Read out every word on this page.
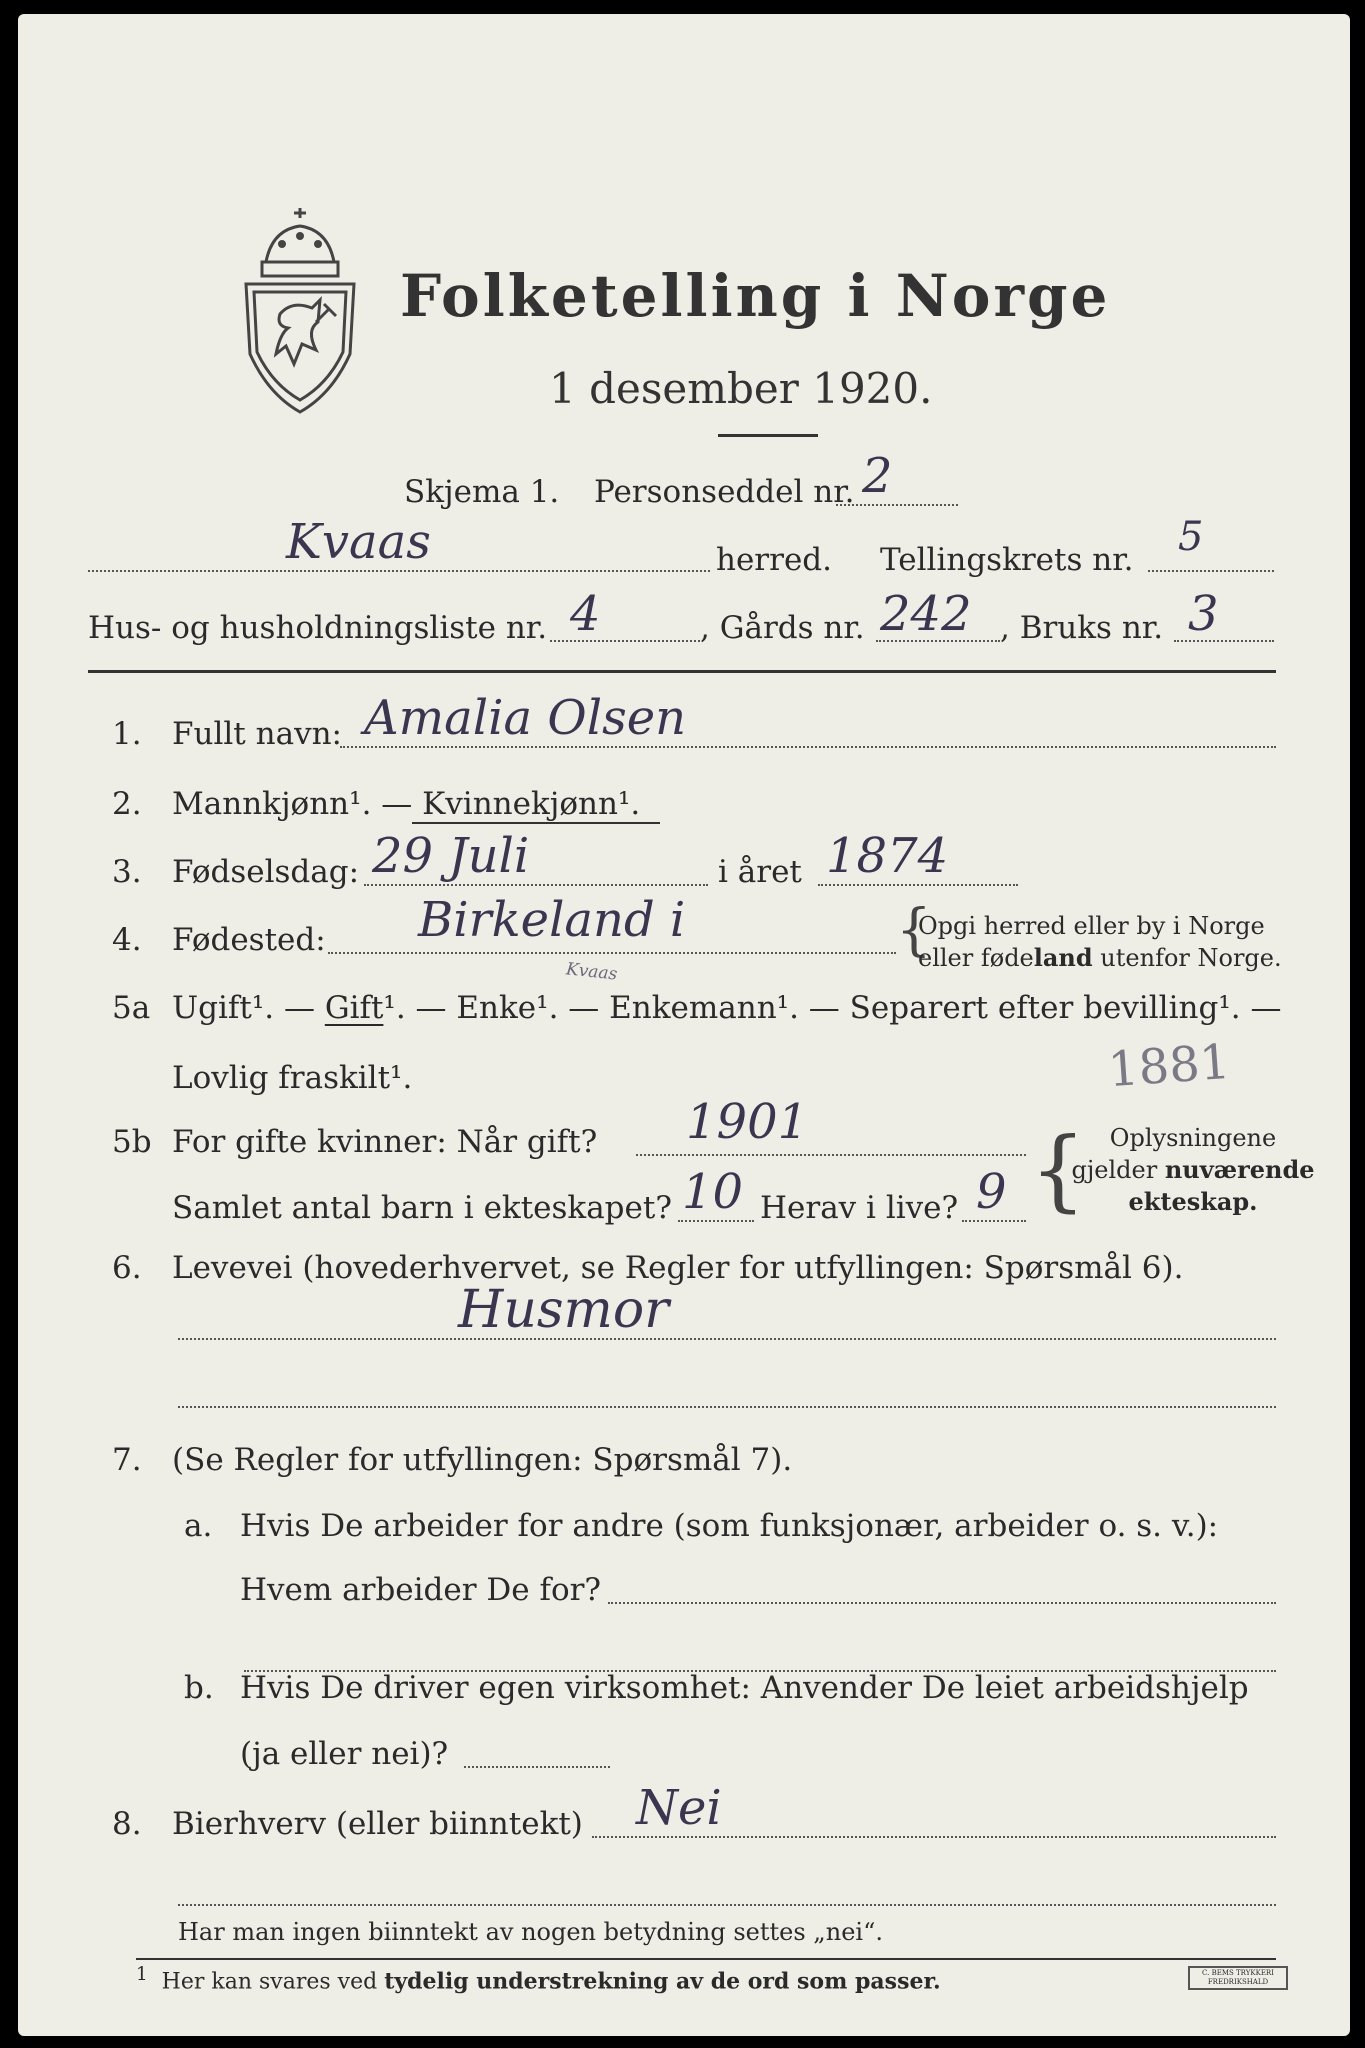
Folketelling i Norge
1 desember 1920.
Skjema 1. Personseddel nr. 2
Kvaas	herred. Tellingskrets nr. 5
Hus- og husholdningsliste nr. 4	, Gårds nr. 242 , Bruks nr. 3
1. Fullt navn: Amalia Olsen
2. Mannkjønn¹. — Kvinnekjønn¹.
3. Fødselsdag: 29 Juli	i året 1874
4. Fødested: Birkeland i	{
Opgi herred eller by i Norge
eller fødeland utenfor Norge.
Kvaas
5a Ugift¹. — Gift¹. — Enke¹. — Enkemann¹. — Separert efter bevilling¹. —
Lovlig fraskilt¹.	1881
5b For gifte kvinner: Når gift? 1901
Samlet antal barn i ekteskapet? 10 Herav i live? 9 { Oplysningene
gjelder nuværende
ekteskap.
6. Levevei (hovederhvervet, se Regler for utfyllingen: Spørsmål 6).
Husmor
7. (Se Regler for utfyllingen: Spørsmål 7).
a. Hvis De arbeider for andre (som funksjonær, arbeider o. s. v.):
Hvem arbeider De for?
b. Hvis De driver egen virksomhet: Anvender De leiet arbeidshjelp
(ja eller nei)?
8. Bierhverv (eller biinntekt) Nei
Har man ingen biinntekt av nogen betydning settes „nei“.
$^1$ Her kan svares ved tydelig understrekning av de ord som passer.	C. BEMS TRYKKERI
FREDRIKSHALD
